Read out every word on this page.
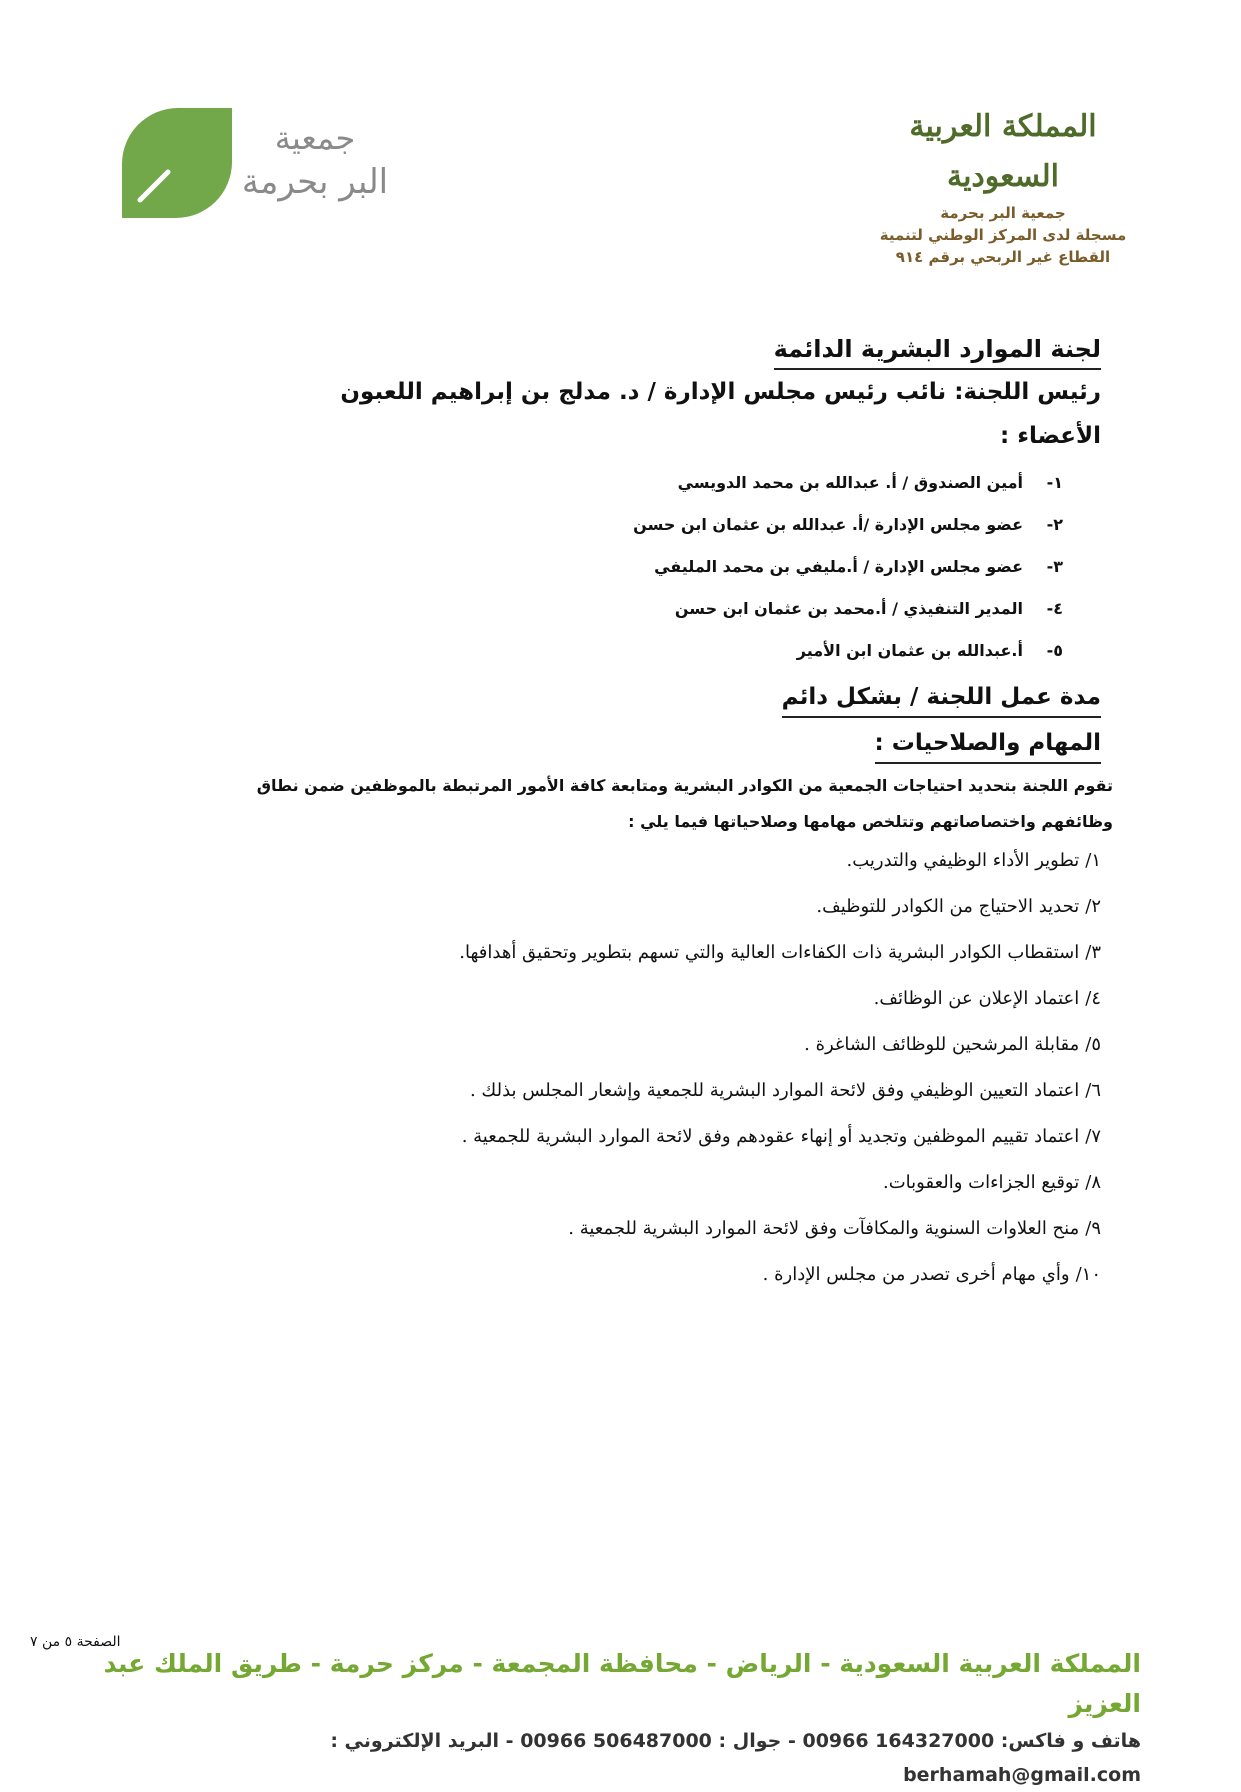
جمعية
البر بحرمة
المملكة العربية السعودية
جمعية البر بحرمة
مسجلة لدى المركز الوطني لتنمية
القطاع غير الربحي برقم ٩١٤
لجنة الموارد البشرية الدائمة
رئيس اللجنة: نائب رئيس مجلس الإدارة / د. مدلج بن إبراهيم اللعبون
الأعضاء :
١-أمين الصندوق / أ. عبدالله بن محمد الدويسي
٢-عضو مجلس الإدارة /أ. عبدالله بن عثمان ابن حسن
٣-عضو مجلس الإدارة / أ.مليفي بن محمد المليفي
٤-المدير التنفيذي / أ.محمد بن عثمان ابن حسن
٥-أ.عبدالله بن عثمان ابن الأمير
مدة عمل اللجنة / بشكل دائم
المهام والصلاحيات :
تقوم اللجنة بتحديد احتياجات الجمعية من الكوادر البشرية ومتابعة كافة الأمور المرتبطة بالموظفين ضمن نطاق
وظائفهم واختصاصاتهم وتتلخص مهامها وصلاحياتها فيما يلي :
١/تطوير الأداء الوظيفي والتدريب.
٢/تحديد الاحتياج من الكوادر للتوظيف.
٣/استقطاب الكوادر البشرية ذات الكفاءات العالية والتي تسهم بتطوير وتحقيق أهدافها.
٤/اعتماد الإعلان عن الوظائف.
٥/مقابلة المرشحين للوظائف الشاغرة .
٦/اعتماد التعيين الوظيفي وفق لائحة الموارد البشرية للجمعية وإشعار المجلس بذلك .
٧/اعتماد تقييم الموظفين وتجديد أو إنهاء عقودهم وفق لائحة الموارد البشرية للجمعية .
٨/توقيع الجزاءات والعقوبات.
٩/منح العلاوات السنوية والمكافآت وفق لائحة الموارد البشرية للجمعية .
١٠/وأي مهام أخرى تصدر من مجلس الإدارة .
الصفحة ٥ من ٧
المملكة العربية السعودية - الرياض - محافظة المجمعة - مركز حرمة - طريق الملك عبد العزيز
هاتف و فاكس: 00966 164327000 - جوال : 00966 506487000 - البريد الإلكتروني : berhamah@gmail.com
